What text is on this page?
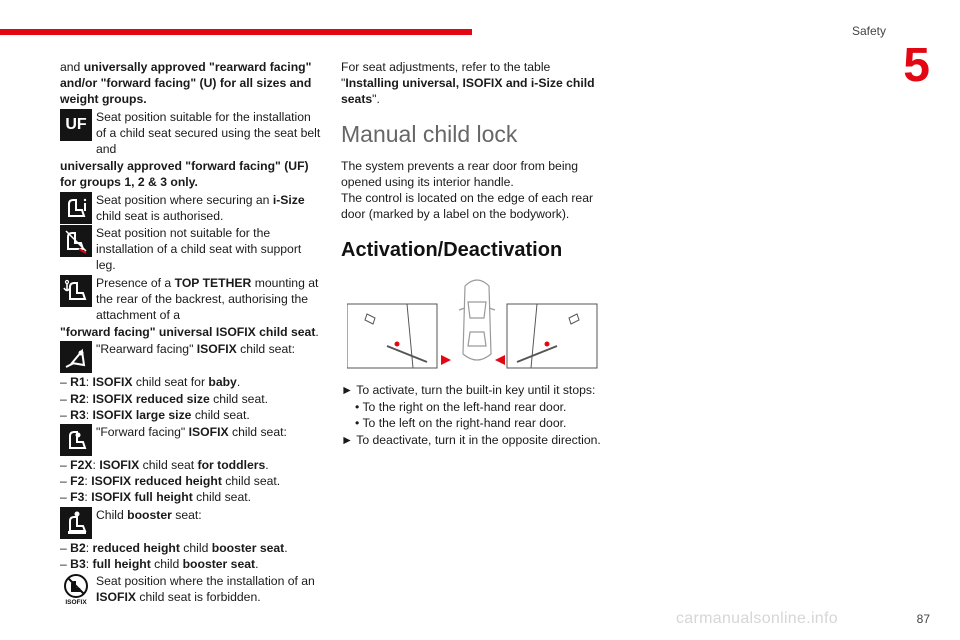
Safety
5
and universally approved "rearward facing" and/or "forward facing" (U) for all sizes and weight groups.
UF Seat position suitable for the installation of a child seat secured using the seat belt and
universally approved "forward facing" (UF) for groups 1, 2 & 3 only.
Seat position where securing an i-Size child seat is authorised.
Seat position not suitable for the installation of a child seat with support leg.
Presence of a TOP TETHER mounting at the rear of the backrest, authorising the attachment of a
"forward facing" universal ISOFIX child seat.
"Rearward facing" ISOFIX child seat:
– R1: ISOFIX child seat for baby.
– R2: ISOFIX reduced size child seat.
– R3: ISOFIX large size child seat.
"Forward facing" ISOFIX child seat:
– F2X: ISOFIX child seat for toddlers.
– F2: ISOFIX reduced height child seat.
– F3: ISOFIX full height child seat.
Child booster seat:
– B2: reduced height child booster seat.
– B3: full height child booster seat.
ISOFIX
Seat position where the installation of an ISOFIX child seat is forbidden.
For seat adjustments, refer to the table "Installing universal, ISOFIX and i-Size child seats".
Manual child lock

The system prevents a rear door from being opened using its interior handle.

The control is located on the edge of each rear door (marked by a label on the bodywork).

Activation/Deactivation
► To activate, turn the built-in key until it stops:
• To the right on the left-hand rear door.
• To the left on the right-hand rear door.
► To deactivate, turn it in the opposite direction.
87
carmanualsonline.info
